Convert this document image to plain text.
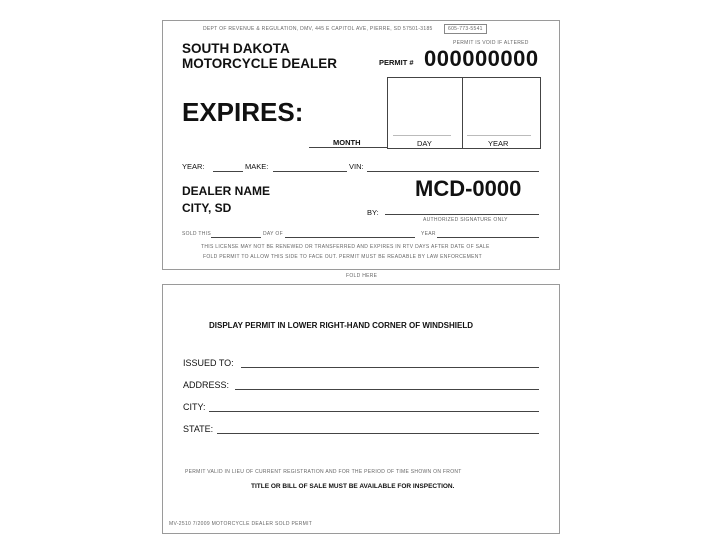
DEPT OF REVENUE & REGULATION, DMV, 445 E CAPITOL AVE, PIERRE, SD 57501-3185	605-773-5541
PERMIT IS VOID IF ALTERED
SOUTH DAKOTA
MOTORCYCLE DEALER	PERMIT # 000000000
EXPIRES:
MONTH	DAY	YEAR
YEAR:	MAKE:	VIN:
DEALER NAME
CITY, SD
MCD-0000
BY:
AUTHORIZED SIGNATURE ONLY
SOLD THIS	DAY OF	YEAR
THIS LICENSE MAY NOT BE RENEWED OR TRANSFERRED AND EXPIRES IN RTV DAYS AFTER DATE OF SALE
FOLD PERMIT TO ALLOW THIS SIDE TO FACE OUT. PERMIT MUST BE READABLE BY LAW ENFORCEMENT
FOLD HERE
DISPLAY PERMIT IN LOWER RIGHT-HAND CORNER OF WINDSHIELD
ISSUED TO:
ADDRESS:
CITY:
STATE:
PERMIT VALID IN LIEU OF CURRENT REGISTRATION AND FOR THE PERIOD OF TIME SHOWN ON FRONT
TITLE OR BILL OF SALE MUST BE AVAILABLE FOR INSPECTION.
MV-2510 7/2009 MOTORCYCLE DEALER SOLD PERMIT
